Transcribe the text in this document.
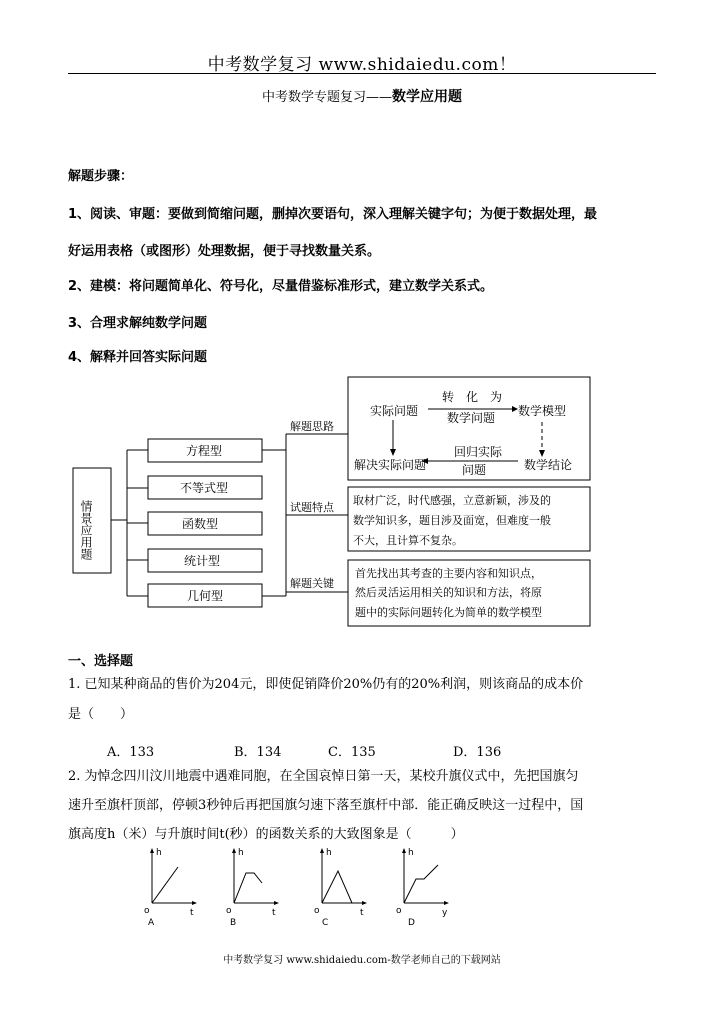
中考数学复习 www.shidaiedu.com！
中考数学专题复习——数学应用题
解题步骤：
1、阅读、审题：要做到简缩问题，删掉次要语句，深入理解关键字句；为便于数据处理，最
好运用表格（或图形）处理数据，便于寻找数量关系。
2、建模：将问题简单化、符号化，尽量借鉴标准形式，建立数学关系式。
3、合理求解纯数学问题
4、解释并回答实际问题
情景应用题
方程型
不等式型
函数型
统计型
几何型
解题思路
试题特点
解题关键
实际问题
转　化　为
数学问题 数学模型
回归实际
问题
解决实际问题	数学结论
取材广泛，时代感强，立意新颖，涉及的
数学知识多，题目涉及面宽，但难度一般
不大，且计算不复杂。
首先找出其考查的主要内容和知识点，
然后灵活运用相关的知识和方法，将原
题中的实际问题转化为简单的数学模型
一、选择题
1. 已知某种商品的售价为204元，即使促销降价20%仍有的20%利润，则该商品的成本价
是（　　）
A．133	B．134	C．135	D．136
2. 为悼念四川汶川地震中遇难同胞，在全国哀悼日第一天，某校升旗仪式中，先把国旗匀
速升至旗杆顶部，停顿3秒钟后再把国旗匀速下落至旗杆中部．能正确反映这一过程中，国
旗高度h（米）与升旗时间t(秒）的函数关系的大致图象是（　　　）
h
t
o
A
h
t
o
B
h
t
o
C
h
y
o
D
中考数学复习 www.shidaiedu.com-数学老师自己的下载网站
